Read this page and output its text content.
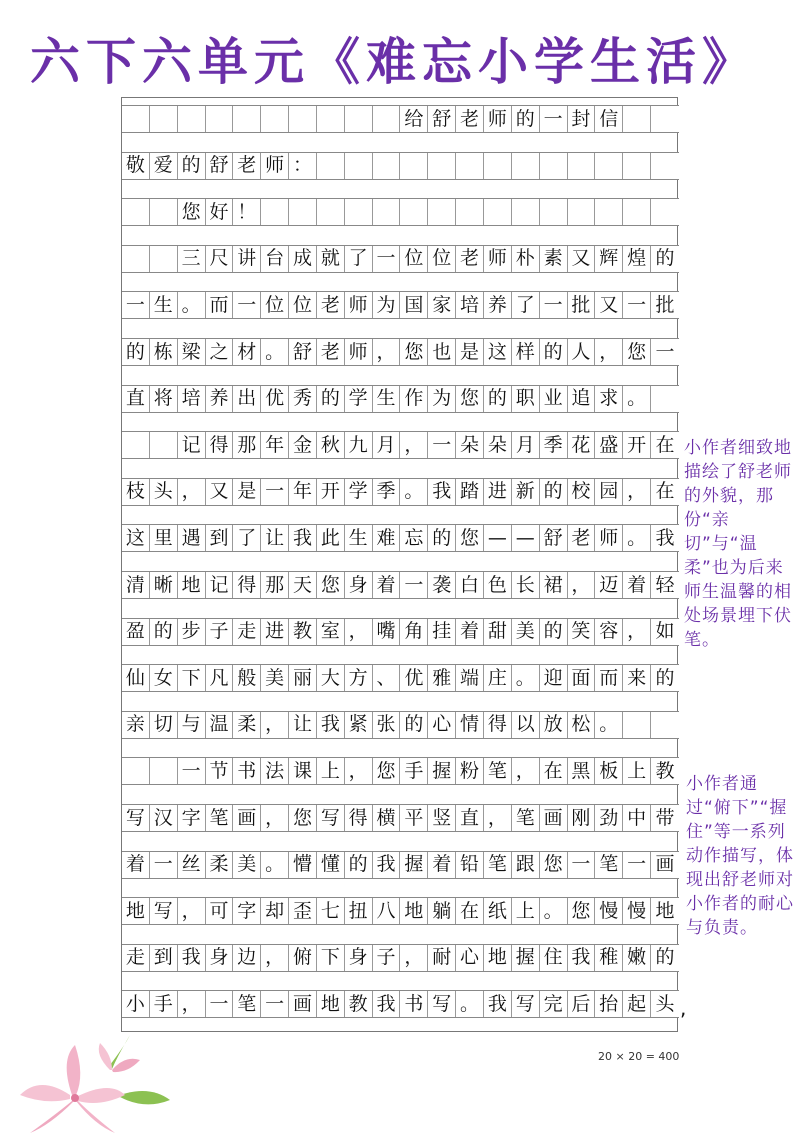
六下六单元《难忘小学生活》
给 舒 老 师 的 一 封 信
敬 爱 的 舒 老 师 ：
您 好 ！
三 尺 讲 台 成 就 了 一 位 位 老 师 朴 素 又 辉 煌 的
一 生 。 而 一 位 位 老 师 为 国 家 培 养 了 一 批 又 一 批
的 栋 梁 之 材 。 舒 老 师 ， 您 也 是 这 样 的 人 ， 您 一
直 将 培 养 出 优 秀 的 学 生 作 为 您 的 职 业 追 求 。
记 得 那 年 金 秋 九 月 ， 一 朵 朵 月 季 花 盛 开 在
枝 头 ， 又 是 一 年 开 学 季 。 我 踏 进 新 的 校 园 ， 在
这 里 遇 到 了 让 我 此 生 难 忘 的 您 — — 舒 老 师 。 我
清 晰 地 记 得 那 天 您 身 着 一 袭 白 色 长 裙 ， 迈 着 轻
盈 的 步 子 走 进 教 室 ， 嘴 角 挂 着 甜 美 的 笑 容 ， 如
仙 女 下 凡 般 美 丽 大 方 、 优 雅 端 庄 。 迎 面 而 来 的
亲 切 与 温 柔 ， 让 我 紧 张 的 心 情 得 以 放 松 。
一 节 书 法 课 上 ， 您 手 握 粉 笔 ， 在 黑 板 上 教
写 汉 字 笔 画 ， 您 写 得 横 平 竖 直 ， 笔 画 刚 劲 中 带
着 一 丝 柔 美 。 懵 懂 的 我 握 着 铅 笔 跟 您 一 笔 一 画
地 写 ， 可 字 却 歪 七 扭 八 地 躺 在 纸 上 。 您 慢 慢 地
走 到 我 身 边 ， 俯 下 身 子 ， 耐 心 地 握 住 我 稚 嫩 的
小 手 ， 一 笔 一 画 地 教 我 书 写 。 我 写 完 后 抬 起 头 ,
小作者细致地描绘了舒老师的外貌，那份“亲切”与“温柔”也为后来师生温馨的相处场景埋下伏笔。
小作者通过“俯下”“握住”等一系列动作描写，体现出舒老师对小作者的耐心与负责。
20 × 20 = 400
